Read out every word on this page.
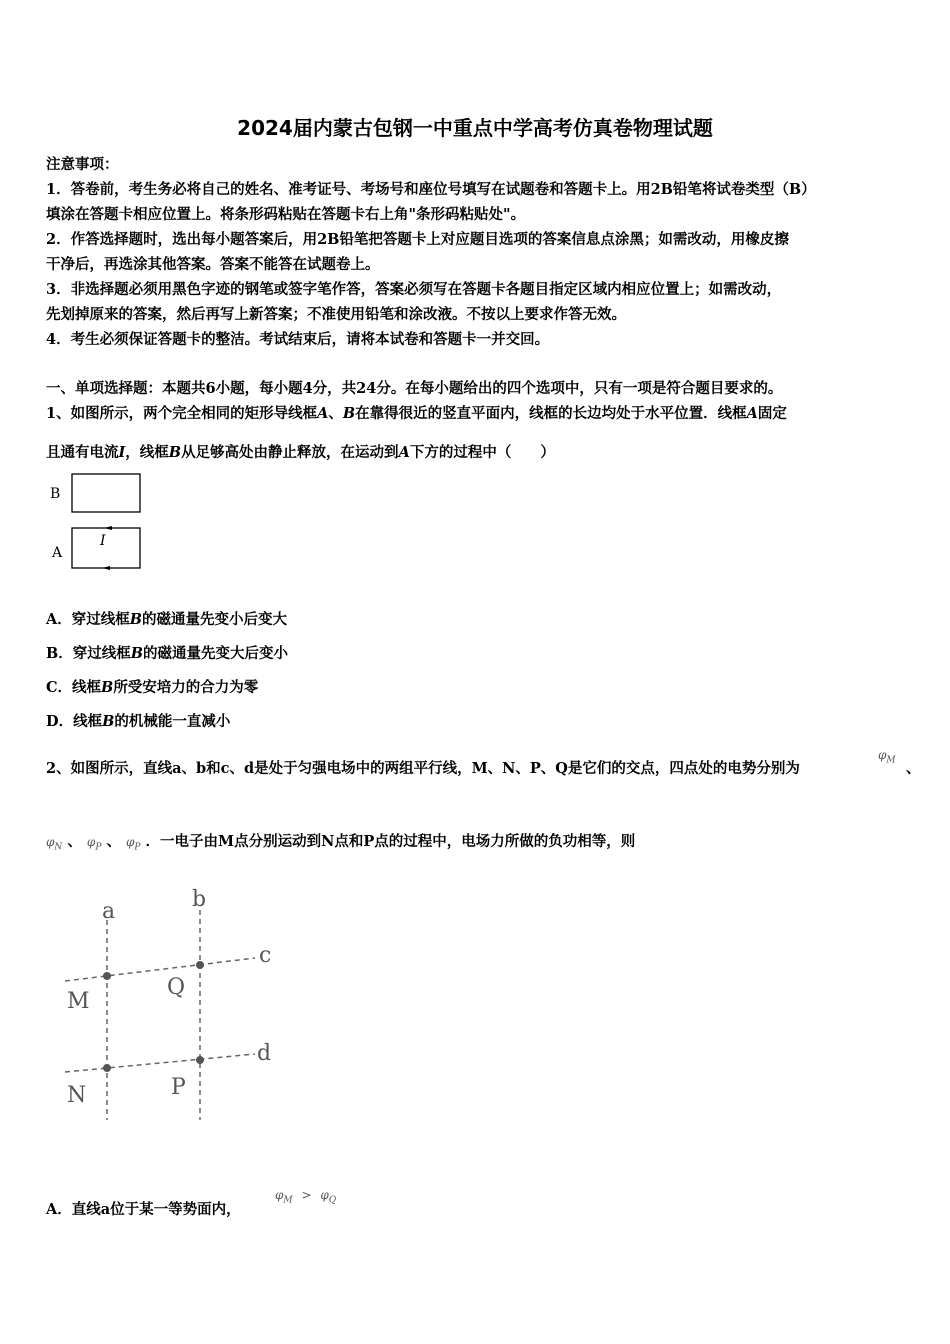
2024届内蒙古包钢一中重点中学高考仿真卷物理试题
注意事项：
1．答卷前，考生务必将自己的姓名、准考证号、考场号和座位号填写在试题卷和答题卡上。用2B铅笔将试卷类型（B）
填涂在答题卡相应位置上。将条形码粘贴在答题卡右上角"条形码粘贴处"。
2．作答选择题时，选出每小题答案后，用2B铅笔把答题卡上对应题目选项的答案信息点涂黑；如需改动，用橡皮擦
干净后，再选涂其他答案。答案不能答在试题卷上。
3．非选择题必须用黑色字迹的钢笔或签字笔作答，答案必须写在答题卡各题目指定区域内相应位置上；如需改动，
先划掉原来的答案，然后再写上新答案；不准使用铅笔和涂改液。不按以上要求作答无效。
4．考生必须保证答题卡的整洁。考试结束后，请将本试卷和答题卡一并交回。
一、单项选择题：本题共6小题，每小题4分，共24分。在每小题给出的四个选项中，只有一项是符合题目要求的。
1、如图所示，两个完全相同的矩形导线框A、B在靠得很近的竖直平面内，线框的长边均处于水平位置．线框A固定
且通有电流I，线框B从足够高处由静止释放，在运动到A下方的过程中（　　）
B
A
I
A．穿过线框B的磁通量先变小后变大
B．穿过线框B的磁通量先变大后变小
C．线框B所受安培力的合力为零
D．线框B的机械能一直减小
2、如图所示，直线a、b和c、d是处于匀强电场中的两组平行线，M、N、P、Q是它们的交点，四点处的电势分别为
$\varphi_M$ 、
$\varphi_N$ 、 $\varphi_P$ 、 $\varphi_P$ ．一电子由M点分别运动到N点和P点的过程中，电场力所做的负功相等，则
a	b
c
d
M
Q
N	P
A．直线a位于某一等势面内，
$\varphi_M > \varphi_Q$
